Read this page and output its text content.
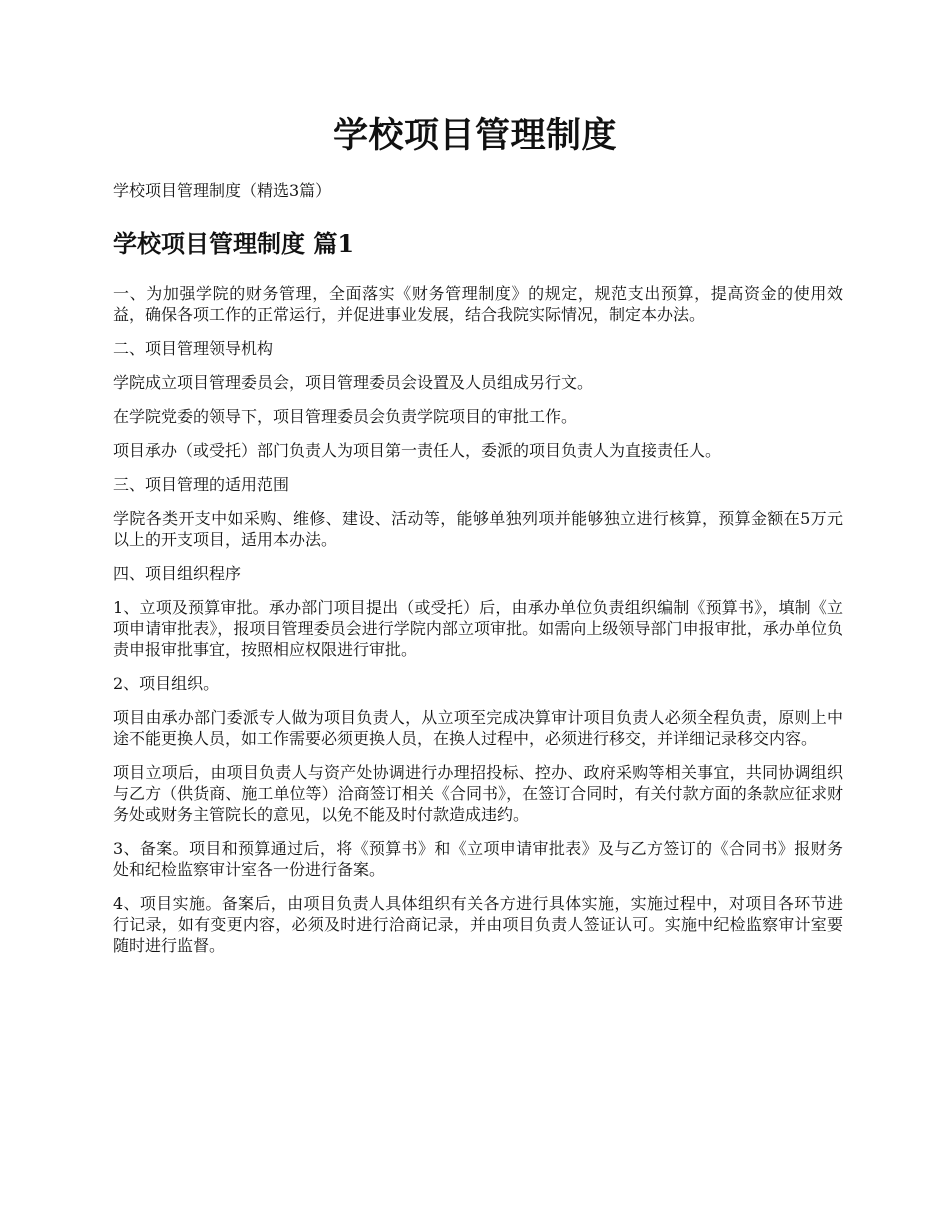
学校项目管理制度

学校项目管理制度（精选3篇）

学校项目管理制度 篇1

一、为加强学院的财务管理，全面落实《财务管理制度》的规定，规范支出预算，提高资金的使用效益，确保各项工作的正常运行，并促进事业发展，结合我院实际情况，制定本办法。

二、项目管理领导机构

学院成立项目管理委员会，项目管理委员会设置及人员组成另行文。

在学院党委的领导下，项目管理委员会负责学院项目的审批工作。

项目承办（或受托）部门负责人为项目第一责任人，委派的项目负责人为直接责任人。

三、项目管理的适用范围

学院各类开支中如采购、维修、建设、活动等，能够单独列项并能够独立进行核算，预算金额在5万元以上的开支项目，适用本办法。

四、项目组织程序

1、立项及预算审批。承办部门项目提出（或受托）后，由承办单位负责组织编制《预算书》，填制《立项申请审批表》，报项目管理委员会进行学院内部立项审批。如需向上级领导部门申报审批，承办单位负责申报审批事宜，按照相应权限进行审批。

2、项目组织。

项目由承办部门委派专人做为项目负责人，从立项至完成决算审计项目负责人必须全程负责，原则上中途不能更换人员，如工作需要必须更换人员，在换人过程中，必须进行移交，并详细记录移交内容。

项目立项后，由项目负责人与资产处协调进行办理招投标、控办、政府采购等相关事宜，共同协调组织与乙方（供货商、施工单位等）洽商签订相关《合同书》，在签订合同时，有关付款方面的条款应征求财务处或财务主管院长的意见，以免不能及时付款造成违约。

3、备案。项目和预算通过后，将《预算书》和《立项申请审批表》及与乙方签订的《合同书》报财务处和纪检监察审计室各一份进行备案。

4、项目实施。备案后，由项目负责人具体组织有关各方进行具体实施，实施过程中，对项目各环节进行记录，如有变更内容，必须及时进行洽商记录，并由项目负责人签证认可。实施中纪检监察审计室要随时进行监督。
